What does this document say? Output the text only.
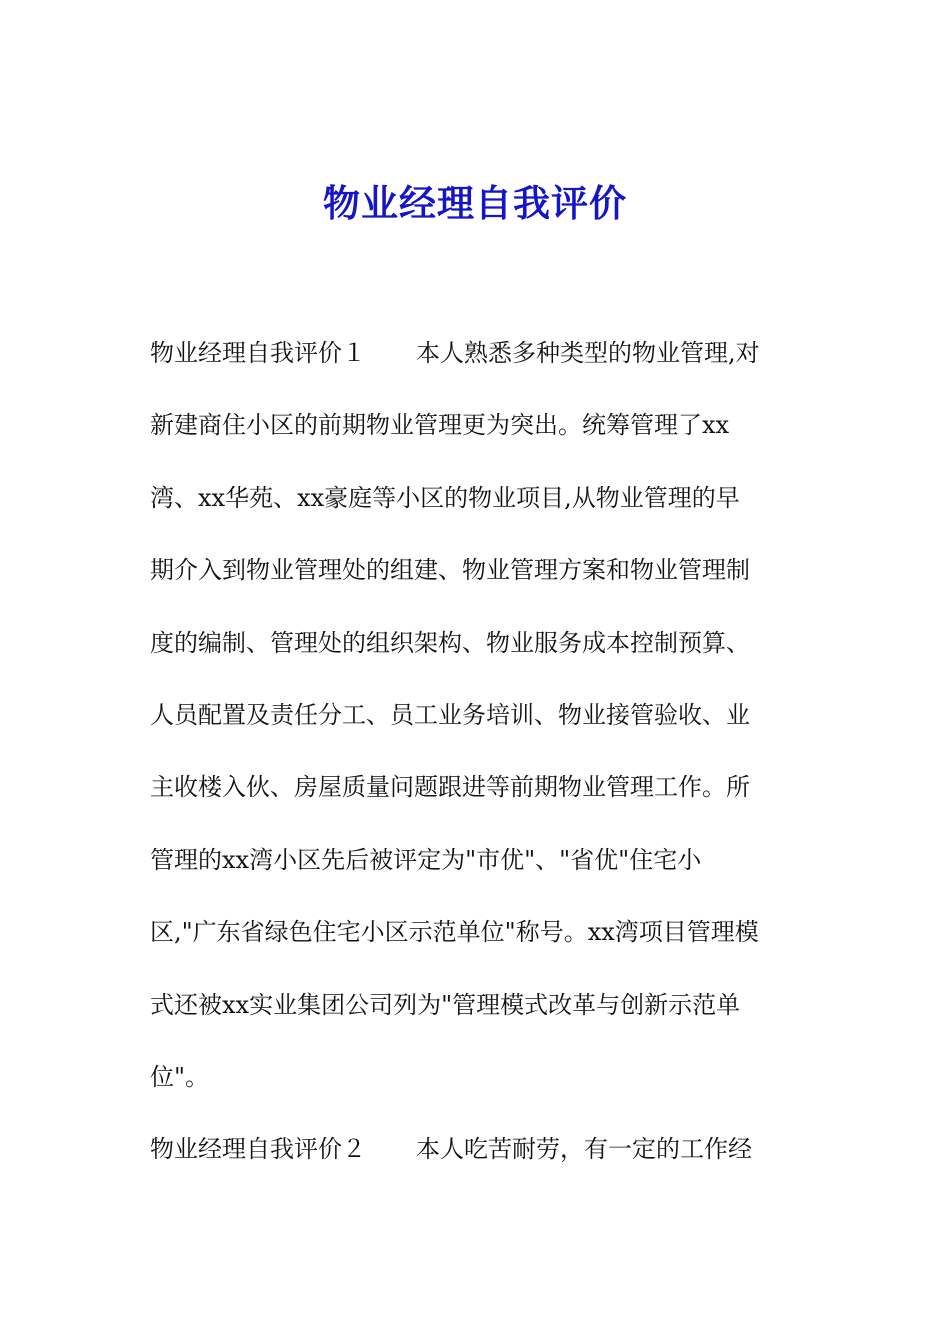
物业经理自我评价
物业经理自我评价１ 本人熟悉多种类型的物业管理,对
新建商住小区的前期物业管理更为突出。统筹管理了xx
湾、xx华苑、xx豪庭等小区的物业项目,从物业管理的早
期介入到物业管理处的组建、物业管理方案和物业管理制
度的编制、管理处的组织架构、物业服务成本控制预算、
人员配置及责任分工、员工业务培训、物业接管验收、业
主收楼入伙、房屋质量问题跟进等前期物业管理工作。所
管理的xx湾小区先后被评定为"市优"、"省优"住宅小
区,"广东省绿色住宅小区示范单位"称号。xx湾项目管理模
式还被xx实业集团公司列为"管理模式改革与创新示范单
位"。
物业经理自我评价２ 本人吃苦耐劳，有一定的工作经
